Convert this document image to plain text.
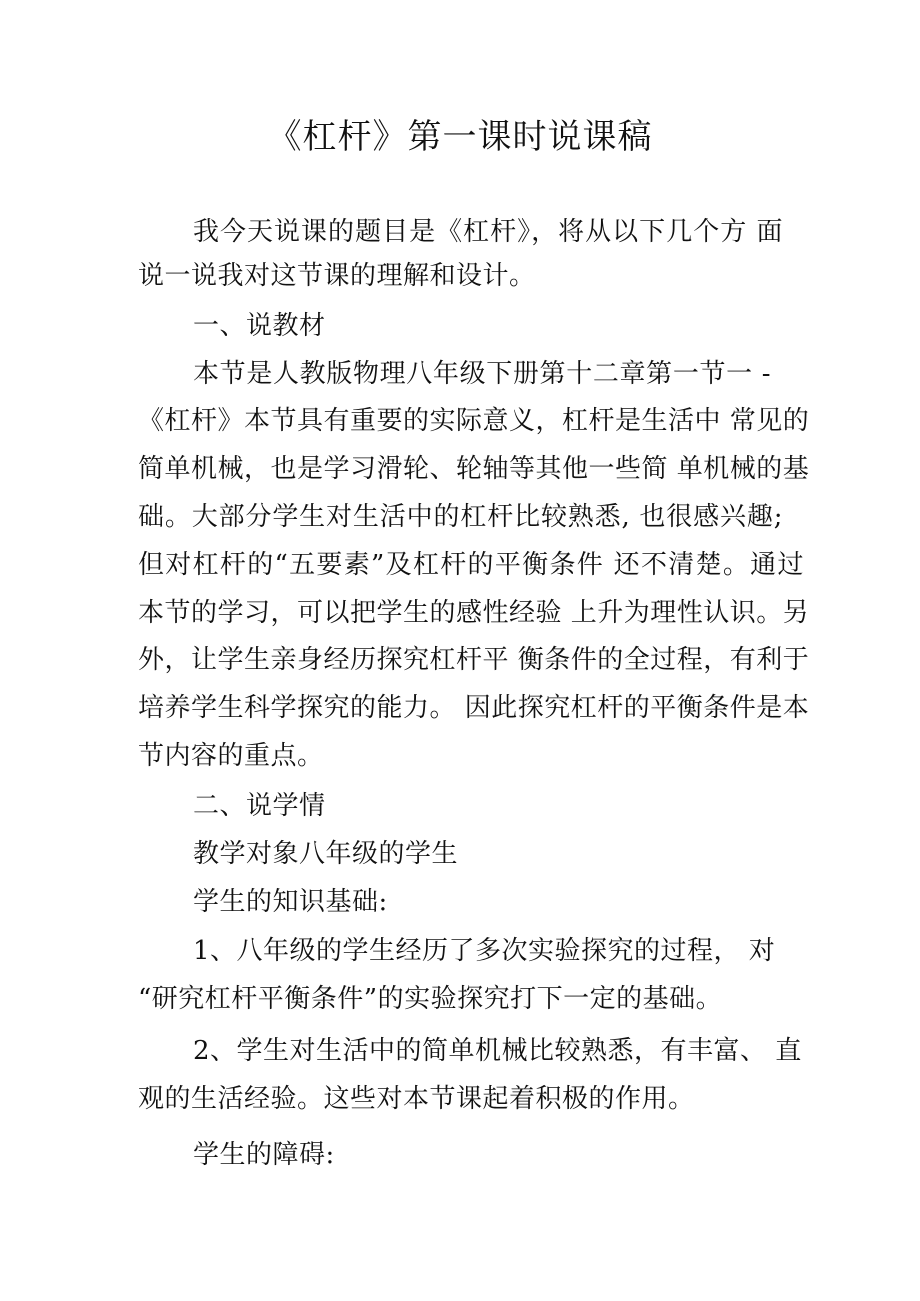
《杠杆》第一课时说课稿
我今天说课的题目是《杠杆》，将从以下几个方 面
说一说我对这节课的理解和设计。
一、说教材
本节是人教版物理八年级下册第十二章第一节一 -
《杠杆》本节具有重要的实际意义，杠杆是生活中 常见的
简单机械，也是学习滑轮、轮轴等其他一些简 单机械的基
础。大部分学生对生活中的杠杆比较熟悉, 也很感兴趣;
但对杠杆的“五要素”及杠杆的平衡条件 还不清楚。通过
本节的学习，可以把学生的感性经验 上升为理性认识。另
外，让学生亲身经历探究杠杆平 衡条件的全过程，有利于
培养学生科学探究的能力。 因此探究杠杆的平衡条件是本
节内容的重点。
二、说学情
教学对象八年级的学生
学生的知识基础:
1、八年级的学生经历了多次实验探究的过程， 对
“研究杠杆平衡条件”的实验探究打下一定的基础。
2、学生对生活中的简单机械比较熟悉，有丰富、 直
观的生活经验。这些对本节课起着积极的作用。
学生的障碍:
